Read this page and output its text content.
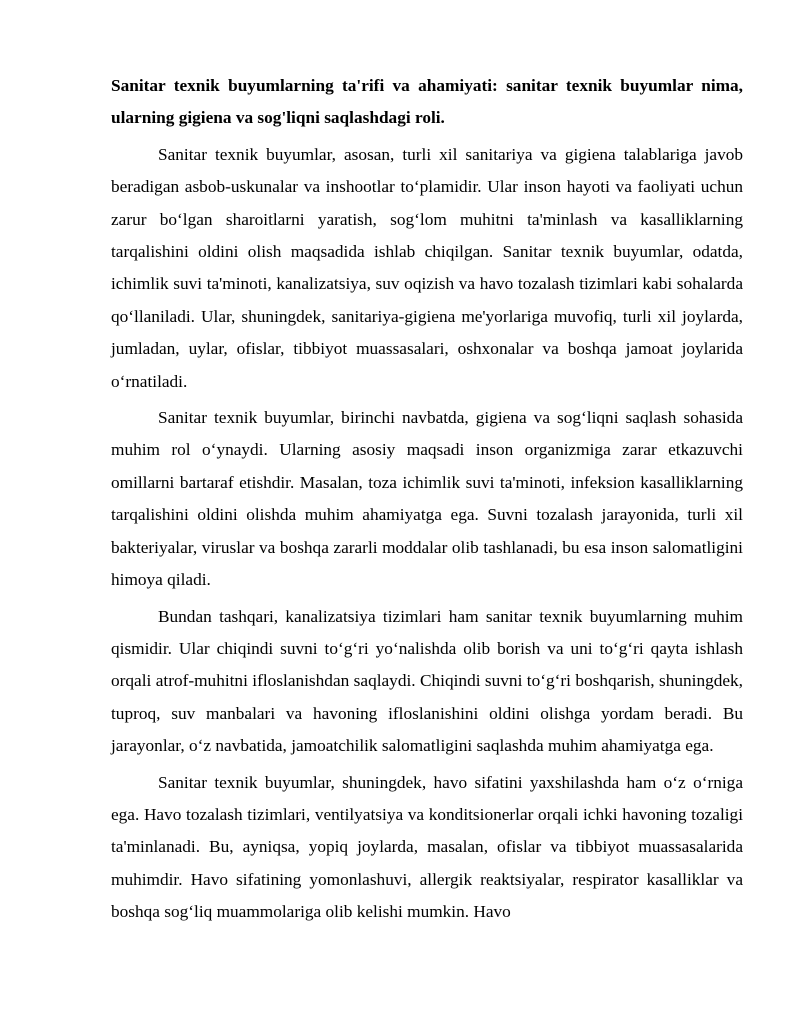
Sanitar texnik buyumlarning ta'rifi va ahamiyati: sanitar texnik buyumlar nima, ularning gigiena va sog'liqni saqlashdagi roli.

Sanitar texnik buyumlar, asosan, turli xil sanitariya va gigiena talablariga javob beradigan asbob-uskunalar va inshootlar to‘plamidir. Ular inson hayoti va faoliyati uchun zarur bo‘lgan sharoitlarni yaratish, sog‘lom muhitni ta'minlash va kasalliklarning tarqalishini oldini olish maqsadida ishlab chiqilgan. Sanitar texnik buyumlar, odatda, ichimlik suvi ta'minoti, kanalizatsiya, suv oqizish va havo tozalash tizimlari kabi sohalarda qo‘llaniladi. Ular, shuningdek, sanitariya-gigiena me'yorlariga muvofiq, turli xil joylarda, jumladan, uylar, ofislar, tibbiyot muassasalari, oshxonalar va boshqa jamoat joylarida o‘rnatiladi.

Sanitar texnik buyumlar, birinchi navbatda, gigiena va sog‘liqni saqlash sohasida muhim rol o‘ynaydi. Ularning asosiy maqsadi inson organizmiga zarar etkazuvchi omillarni bartaraf etishdir. Masalan, toza ichimlik suvi ta'minoti, infeksion kasalliklarning tarqalishini oldini olishda muhim ahamiyatga ega. Suvni tozalash jarayonida, turli xil bakteriyalar, viruslar va boshqa zararli moddalar olib tashlanadi, bu esa inson salomatligini himoya qiladi.

Bundan tashqari, kanalizatsiya tizimlari ham sanitar texnik buyumlarning muhim qismidir. Ular chiqindi suvni to‘g‘ri yo‘nalishda olib borish va uni to‘g‘ri qayta ishlash orqali atrof-muhitni ifloslanishdan saqlaydi. Chiqindi suvni to‘g‘ri boshqarish, shuningdek, tuproq, suv manbalari va havoning ifloslanishini oldini olishga yordam beradi. Bu jarayonlar, o‘z navbatida, jamoatchilik salomatligini saqlashda muhim ahamiyatga ega.

Sanitar texnik buyumlar, shuningdek, havo sifatini yaxshilashda ham o‘z o‘rniga ega. Havo tozalash tizimlari, ventilyatsiya va konditsionerlar orqali ichki havoning tozaligi ta'minlanadi. Bu, ayniqsa, yopiq joylarda, masalan, ofislar va tibbiyot muassasalarida muhimdir. Havo sifatining yomonlashuvi, allergik reaktsiyalar, respirator kasalliklar va boshqa sog‘liq muammolariga olib kelishi mumkin. Havo
